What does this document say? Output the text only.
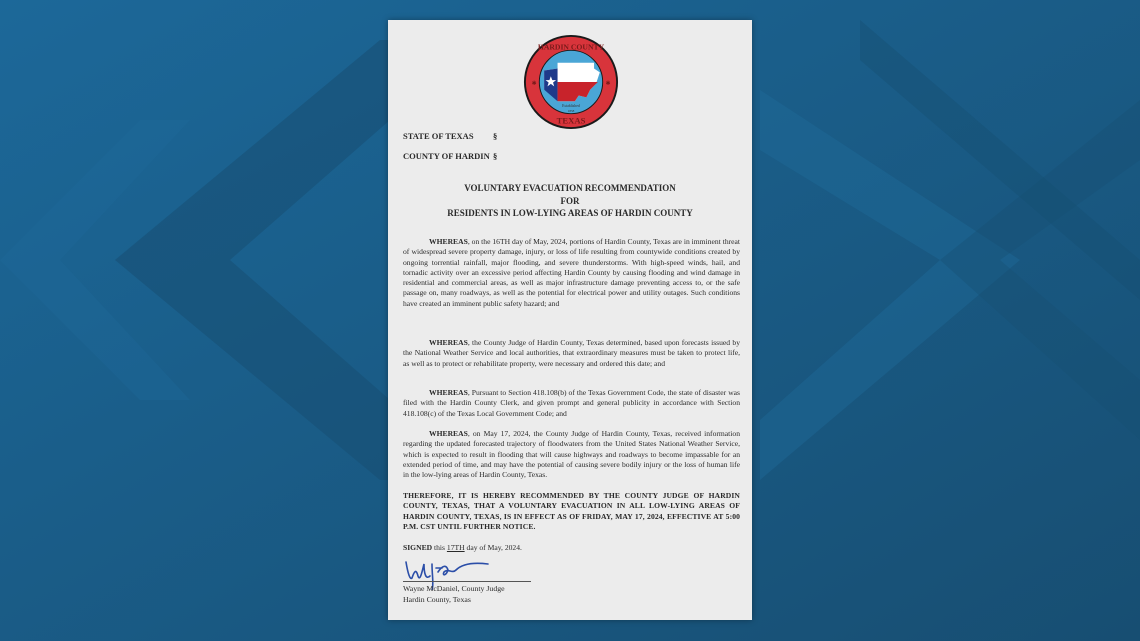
HARDIN COUNTY
TEXAS
Established
1858
✱	✱
STATE OF TEXAS §
COUNTY OF HARDIN §
VOLUNTARY EVACUATION RECOMMENDATION
FOR
RESIDENTS IN LOW-LYING AREAS OF HARDIN COUNTY
WHEREAS, on the 16TH day of May, 2024, portions of Hardin County, Texas are in imminent threat of widespread severe property damage, injury, or loss of life resulting from countywide conditions created by ongoing torrential rainfall, major flooding, and severe thunderstorms. With high-speed winds, hail, and tornadic activity over an excessive period affecting Hardin County by causing flooding and wind damage in residential and commercial areas, as well as major infrastructure damage preventing access to, or the safe passage on, many roadways, as well as the potential for electrical power and utility outages. Such conditions have created an imminent public safety hazard; and
WHEREAS, the County Judge of Hardin County, Texas determined, based upon forecasts issued by the National Weather Service and local authorities, that extraordinary measures must be taken to protect life, as well as to protect or rehabilitate property, were necessary and ordered this date; and
WHEREAS, Pursuant to Section 418.108(b) of the Texas Government Code, the state of disaster was filed with the Hardin County Clerk, and given prompt and general publicity in accordance with Section 418.108(c) of the Texas Local Government Code; and
WHEREAS, on May 17, 2024, the County Judge of Hardin County, Texas, received information regarding the updated forecasted trajectory of floodwaters from the United States National Weather Service, which is expected to result in flooding that will cause highways and roadways to become impassable for an extended period of time, and may have the potential of causing severe bodily injury or the loss of human life in the low-lying areas of Hardin County, Texas.
THEREFORE, IT IS HEREBY RECOMMENDED BY THE COUNTY JUDGE OF HARDIN COUNTY, TEXAS, THAT A VOLUNTARY EVACUATION IN ALL LOW-LYING AREAS OF HARDIN COUNTY, TEXAS, IS IN EFFECT AS OF FRIDAY, MAY 17, 2024, EFFECTIVE AT 5:00 P.M. CST UNTIL FURTHER NOTICE.
SIGNED this 17TH day of May, 2024.
Wayne McDaniel, County Judge
Hardin County, Texas
